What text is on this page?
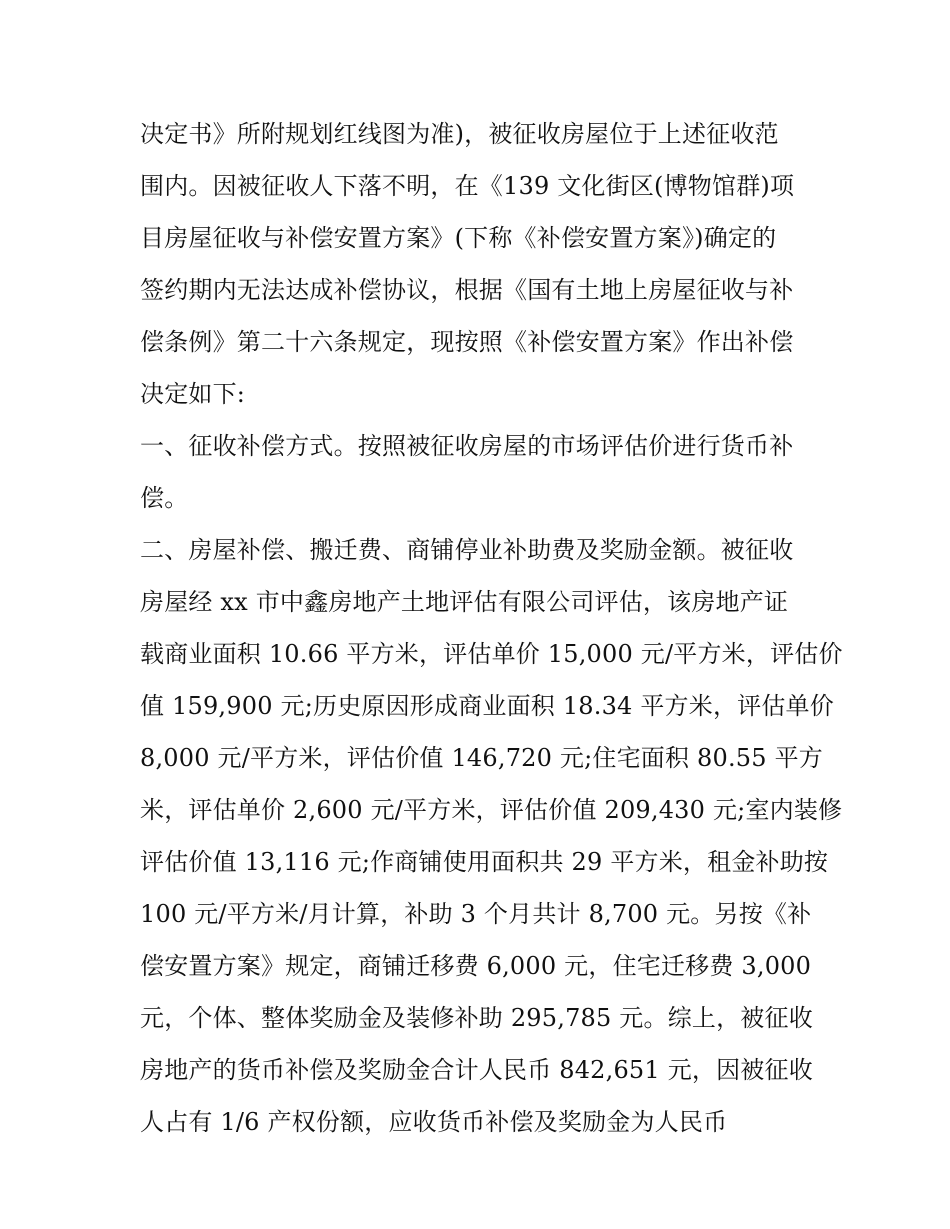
决定书》所附规划红线图为准)，被征收房屋位于上述征收范
围内。因被征收人下落不明，在《139 文化街区(博物馆群)项
目房屋征收与补偿安置方案》(下称《补偿安置方案》)确定的
签约期内无法达成补偿协议，根据《国有土地上房屋征收与补
偿条例》第二十六条规定，现按照《补偿安置方案》作出补偿
决定如下:
一、征收补偿方式。按照被征收房屋的市场评估价进行货币补
偿。
二、房屋补偿、搬迁费、商铺停业补助费及奖励金额。被征收
房屋经 xx 市中鑫房地产土地评估有限公司评估，该房地产证
载商业面积 10.66 平方米，评估单价 15,000 元/平方米，评估价
值 159,900 元;历史原因形成商业面积 18.34 平方米，评估单价
8,000 元/平方米，评估价值 146,720 元;住宅面积 80.55 平方
米，评估单价 2,600 元/平方米，评估价值 209,430 元;室内装修
评估价值 13,116 元;作商铺使用面积共 29 平方米，租金补助按
100 元/平方米/月计算，补助 3 个月共计 8,700 元。另按《补
偿安置方案》规定，商铺迁移费 6,000 元，住宅迁移费 3,000
元，个体、整体奖励金及装修补助 295,785 元。综上，被征收
房地产的货币补偿及奖励金合计人民币 842,651 元，因被征收
人占有 1/6 产权份额，应收货币补偿及奖励金为人民币
